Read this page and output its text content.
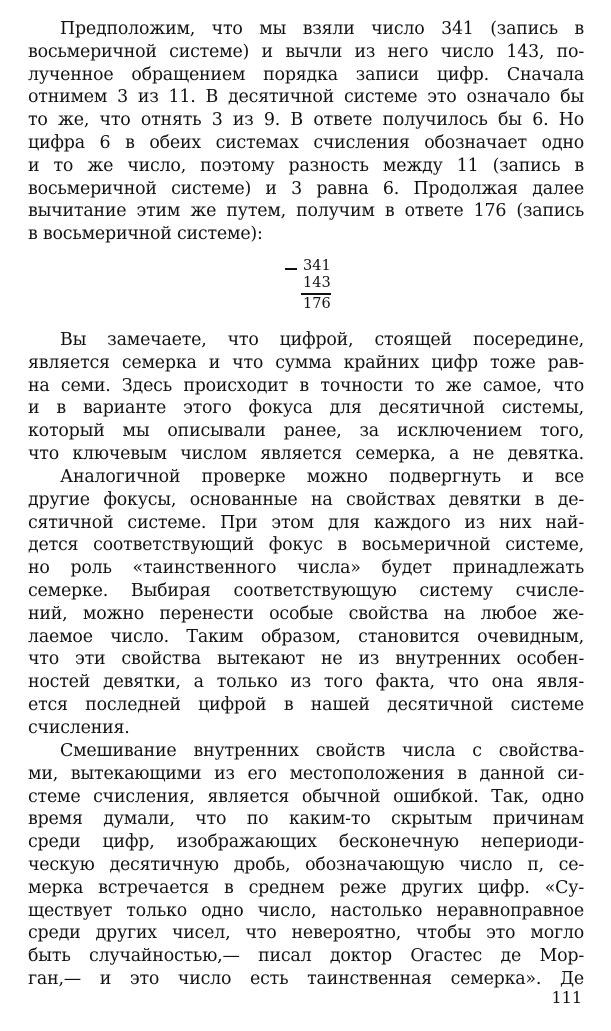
Предположим, что мы взяли число 341 (запись в
восьмеричной системе) и вычли из него число 143, по-
лученное обращением порядка записи цифр. Сначала
отнимем 3 из 11. В десятичной системе это означало бы
то же, что отнять 3 из 9. В ответе получилось бы 6. Но
цифра 6 в обеих системах счисления обозначает одно
и то же число, поэтому разность между 11 (запись в
восьмеричной системе) и 3 равна 6. Продолжая далее
вычитание этим же путем, получим в ответе 176 (запись
в восьмеричной системе):
341
143
176
Вы замечаете, что цифрой, стоящей посередине,
является семерка и что сумма крайних цифр тоже рав-
на семи. Здесь происходит в точности то же самое, что
и в варианте этого фокуса для десятичной системы,
который мы описывали ранее, за исключением того,
что ключевым числом является семерка, а не девятка.
Аналогичной проверке можно подвергнуть и все
другие фокусы, основанные на свойствах девятки в де-
сятичной системе. При этом для каждого из них най-
дется соответствующий фокус в восьмеричной системе,
но роль «таинственного числа» будет принадлежать
семерке. Выбирая соответствующую систему счисле-
ний, можно перенести особые свойства на любое же-
лаемое число. Таким образом, становится очевидным,
что эти свойства вытекают не из внутренних особен-
ностей девятки, а только из того факта, что она явля-
ется последней цифрой в нашей десятичной системе
счисления.
Смешивание внутренних свойств числа с свойства-
ми, вытекающими из его местоположения в данной си-
стеме счисления, является обычной ошибкой. Так, одно
время думали, что по каким-то скрытым причинам
среди цифр, изображающих бесконечную непериоди-
ческую десятичную дробь, обозначающую число π, се-
мерка встречается в среднем реже других цифр. «Су-
ществует только одно число, настолько неравноправное
среди других чисел, что невероятно, чтобы это могло
быть случайностью,— писал доктор Огастес де Мор-
ган,— и это число есть таинственная семерка». Де
111
